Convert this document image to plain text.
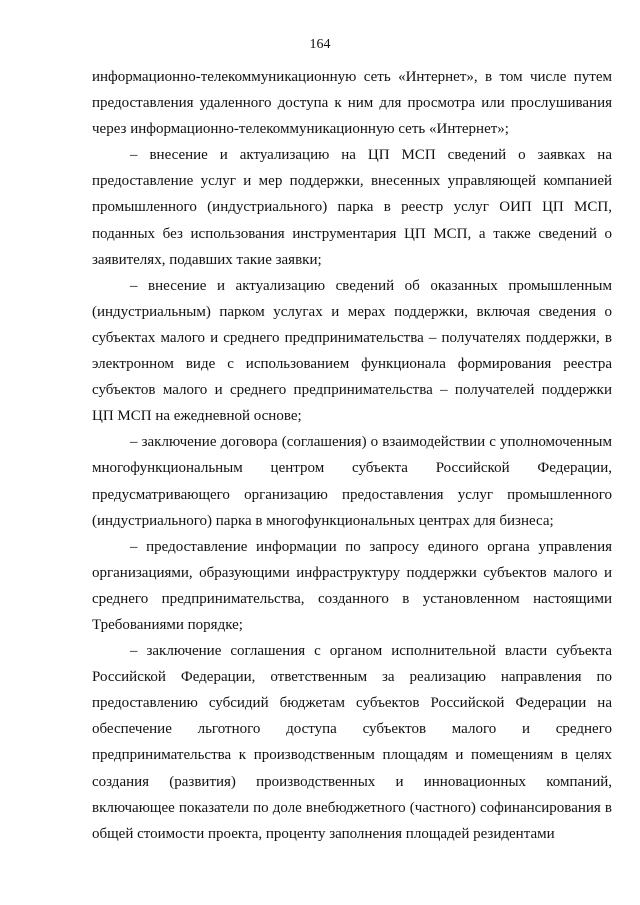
164

информационно-телекоммуникационную сеть «Интернет», в том числе путем предоставления удаленного доступа к ним для просмотра или прослушивания через информационно-телекоммуникационную сеть «Интернет»;

– внесение и актуализацию на ЦП МСП сведений о заявках на предоставление услуг и мер поддержки, внесенных управляющей компанией промышленного (индустриального) парка в реестр услуг ОИП ЦП МСП, поданных без использования инструментария ЦП МСП, а также сведений о заявителях, подавших такие заявки;

– внесение и актуализацию сведений об оказанных промышленным (индустриальным) парком услугах и мерах поддержки, включая сведения о субъектах малого и среднего предпринимательства – получателях поддержки, в электронном виде с использованием функционала формирования реестра субъектов малого и среднего предпринимательства – получателей поддержки ЦП МСП на ежедневной основе;

– заключение договора (соглашения) о взаимодействии с уполномоченным многофункциональным центром субъекта Российской Федерации, предусматривающего организацию предоставления услуг промышленного (индустриального) парка в многофункциональных центрах для бизнеса;

– предоставление информации по запросу единого органа управления организациями, образующими инфраструктуру поддержки субъектов малого и среднего предпринимательства, созданного в установленном настоящими Требованиями порядке;

– заключение соглашения с органом исполнительной власти субъекта Российской Федерации, ответственным за реализацию направления по предоставлению субсидий бюджетам субъектов Российской Федерации на обеспечение льготного доступа субъектов малого и среднего предпринимательства к производственным площадям и помещениям в целях создания (развития) производственных и инновационных компаний, включающее показатели по доле внебюджетного (частного) софинансирования в общей стоимости проекта, проценту заполнения площадей резидентами
